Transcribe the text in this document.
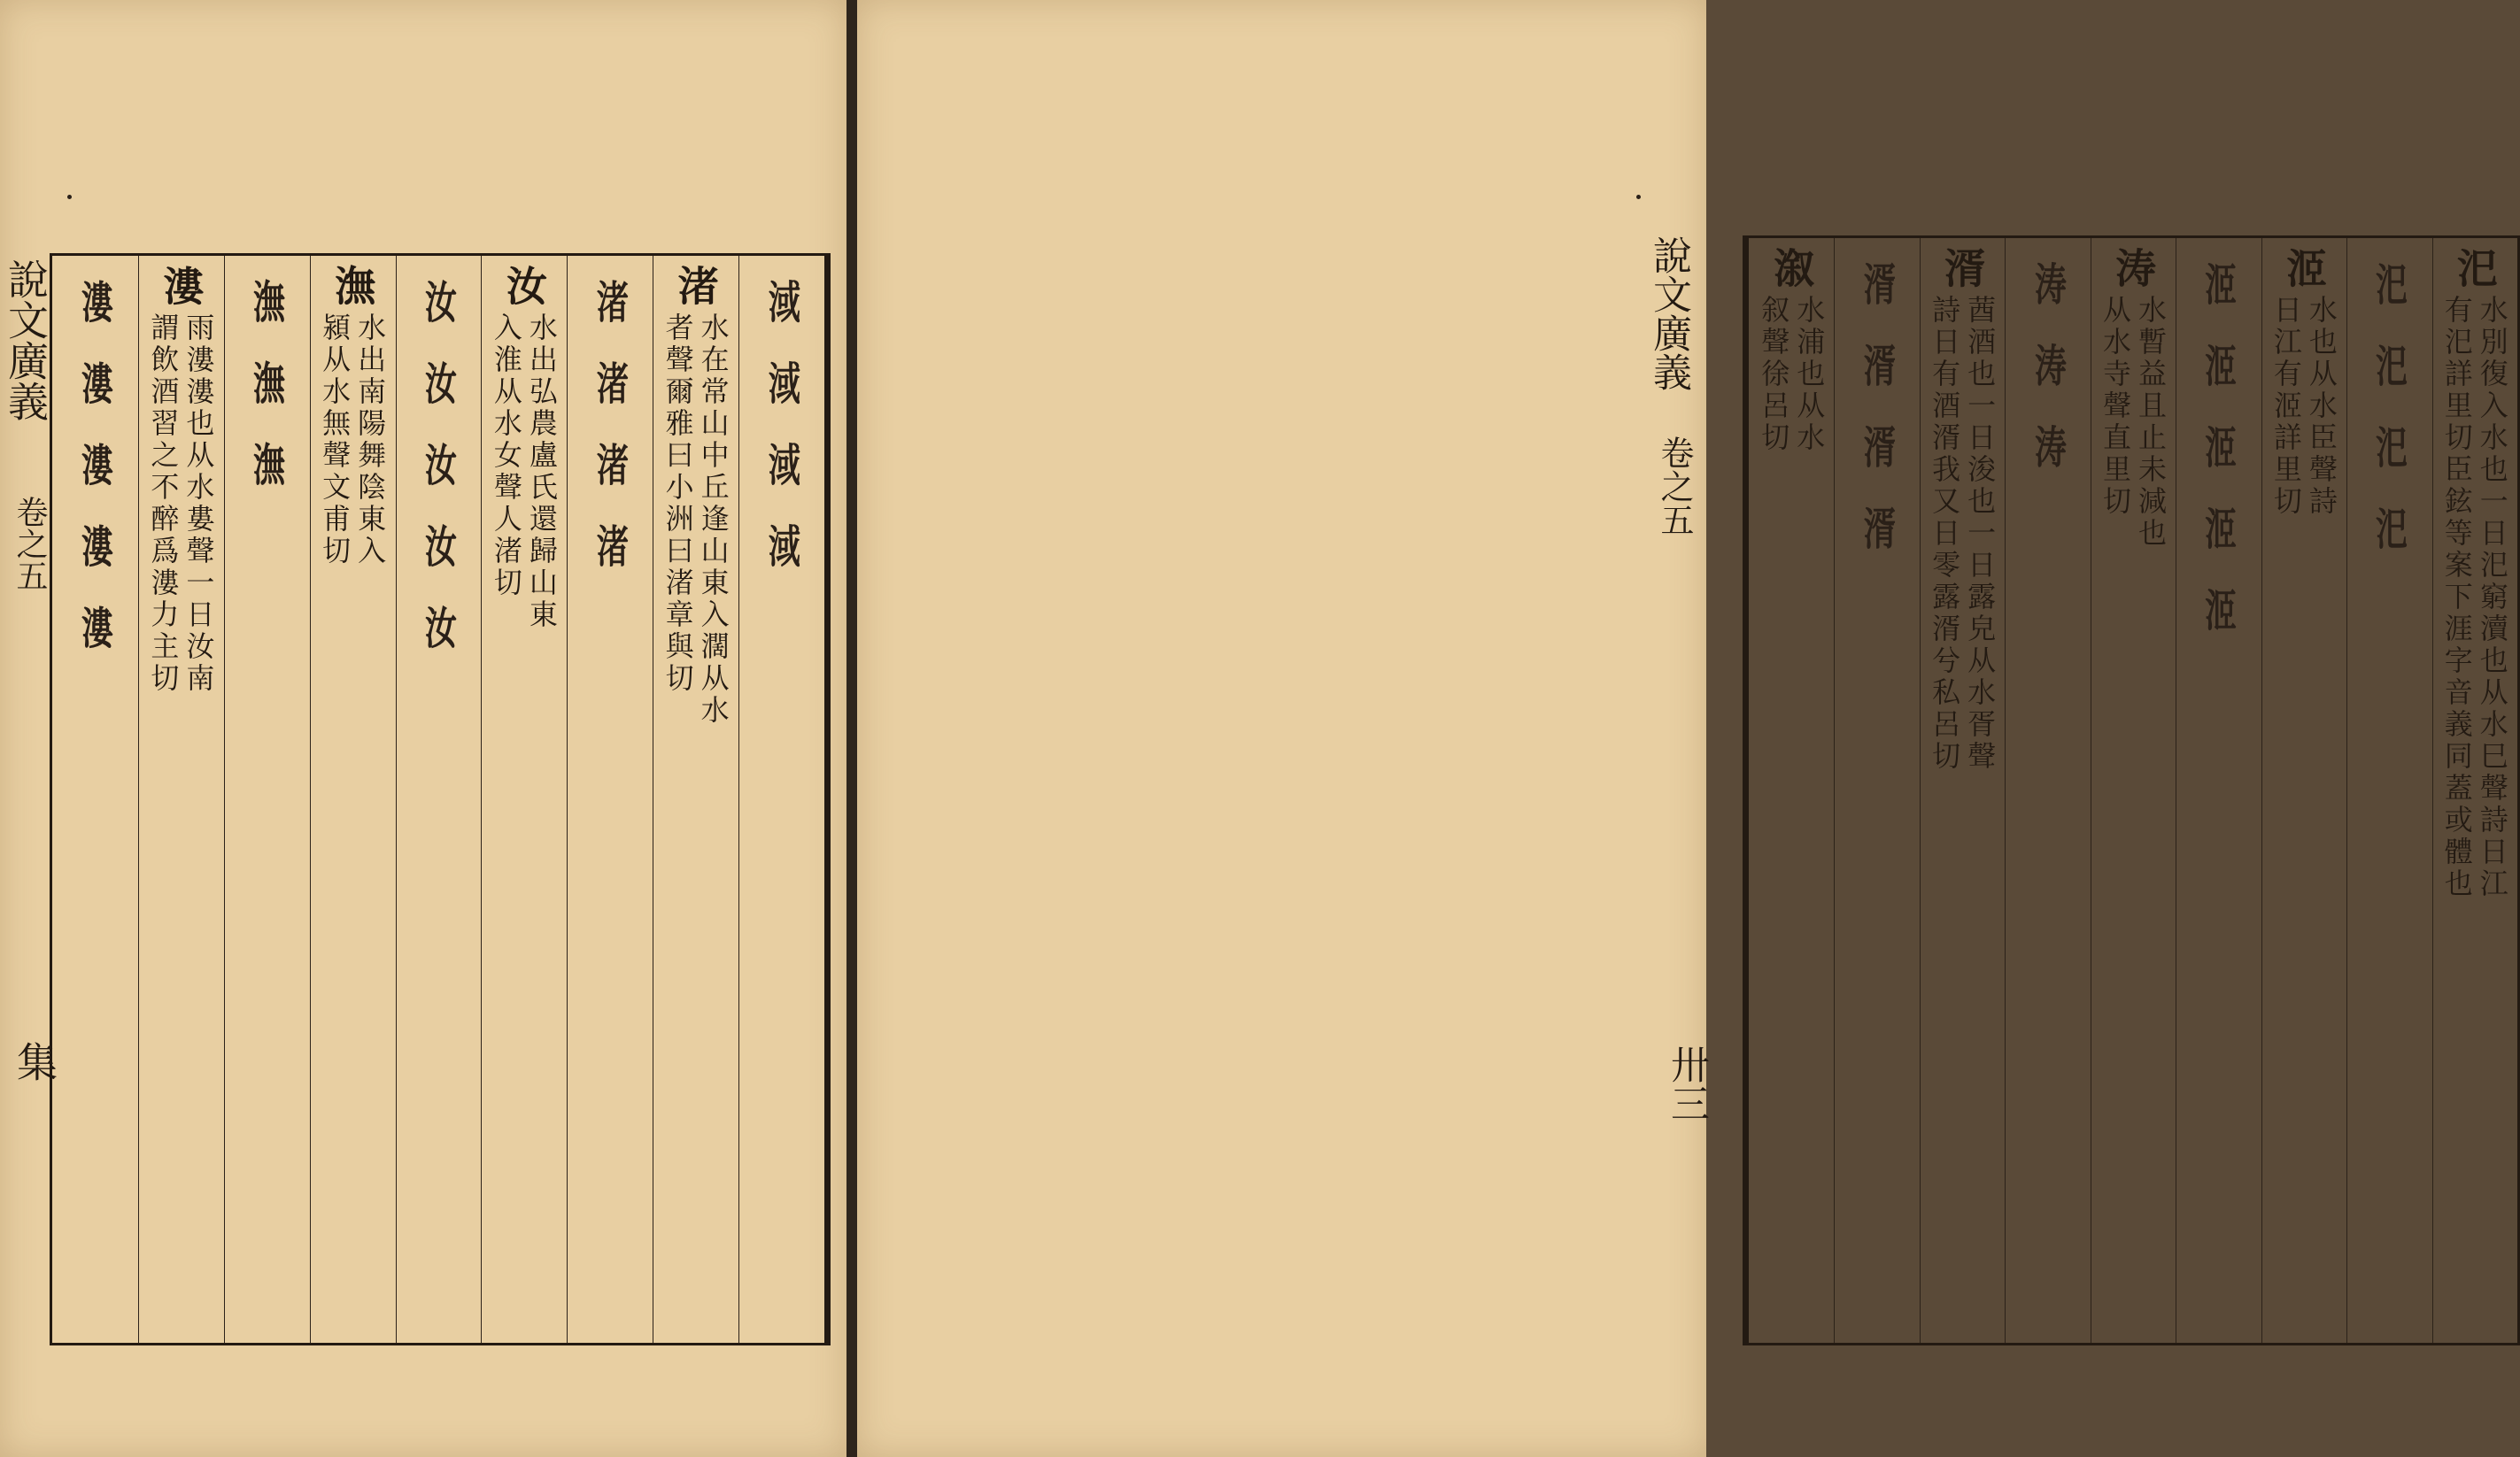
說文廣義
卷之五
集
淢淢淢淢
渚
水在常山中丘逢山東入濶从水
者聲爾雅曰小洲曰渚章與切
渚渚渚渚
汝
水出弘農盧氏還歸山東
入淮从水女聲人渚切
汝汝汝汝汝
潕
水出南陽舞陰東入
潁从水無聲文甫切
潕潕潕
漊
雨漊漊也从水婁聲一日汝南
謂飲酒習之不醉爲漊力主切
漊漊漊漊漊	說文廣義
卷之五
卅三
汜
水別復入水也一日汜窮瀆也从水巳聲詩日江
有汜詳里切臣鉉等案下涯字音義同蓋或體也
汜汜汜汜
洍
水也从水臣聲詩
日江有洍詳里切
洍洍洍洍洍
涛
水暫益且止未減也
从水寺聲直里切
涛涛涛
湑
莤酒也一日浚也一日露皃从水胥聲
詩日有酒湑我又日零露湑兮私呂切
湑湑湑湑
溆
水浦也从水
叙聲徐呂切
